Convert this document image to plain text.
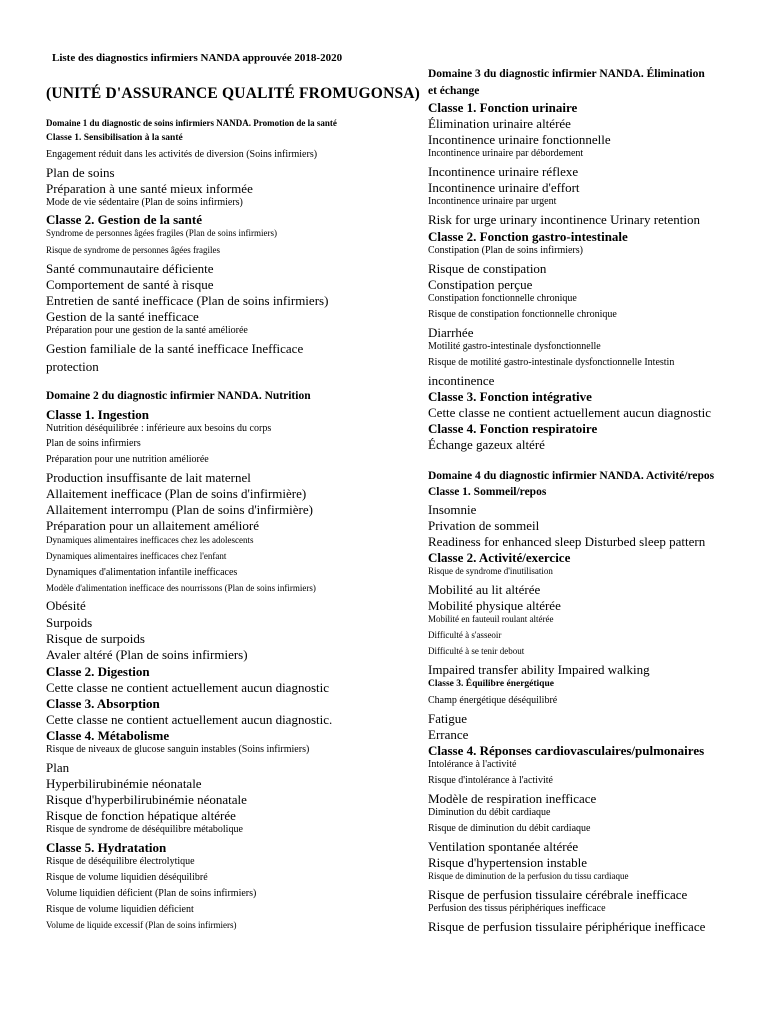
Liste des diagnostics infirmiers NANDA approuvée 2018-2020
(UNITÉ D'ASSURANCE QUALITÉ FROMUGONSA)
Domaine 1 du diagnostic de soins infirmiers NANDA. Promotion de la santé
Classe 1. Sensibilisation à la santé
Engagement réduit dans les activités de diversion (Soins infirmiers)
Plan de soins
Préparation à une santé mieux informée
Mode de vie sédentaire (Plan de soins infirmiers)
Classe 2. Gestion de la santé
Syndrome de personnes âgées fragiles (Plan de soins infirmiers)
Risque de syndrome de personnes âgées fragiles
Santé communautaire déficiente
Comportement de santé à risque
Entretien de santé inefficace (Plan de soins infirmiers)
Gestion de la santé inefficace
Préparation pour une gestion de la santé améliorée
Gestion familiale de la santé inefficace Inefficace
protection
Domaine 2 du diagnostic infirmier NANDA. Nutrition
Classe 1. Ingestion
Nutrition déséquilibrée : inférieure aux besoins du corps
Plan de soins infirmiers
Préparation pour une nutrition améliorée
Production insuffisante de lait maternel
Allaitement inefficace (Plan de soins d'infirmière)
Allaitement interrompu (Plan de soins d'infirmière)
Préparation pour un allaitement amélioré
Dynamiques alimentaires inefficaces chez les adolescents
Dynamiques alimentaires inefficaces chez l'enfant
Dynamiques d'alimentation infantile inefficaces
Modèle d'alimentation inefficace des nourrissons (Plan de soins infirmiers)
Obésité
Surpoids
Risque de surpoids
Avaler altéré (Plan de soins infirmiers)
Classe 2. Digestion
Cette classe ne contient actuellement aucun diagnostic
Classe 3. Absorption
Cette classe ne contient actuellement aucun diagnostic.
Classe 4. Métabolisme
Risque de niveaux de glucose sanguin instables (Soins infirmiers)
Plan
Hyperbilirubinémie néonatale
Risque d'hyperbilirubinémie néonatale
Risque de fonction hépatique altérée
Risque de syndrome de déséquilibre métabolique
Classe 5. Hydratation
Risque de déséquilibre électrolytique
Risque de volume liquidien déséquilibré
Volume liquidien déficient (Plan de soins infirmiers)
Risque de volume liquidien déficient
Volume de liquide excessif (Plan de soins infirmiers)
Domaine 3 du diagnostic infirmier NANDA. Élimination
et échange
Classe 1. Fonction urinaire
Élimination urinaire altérée
Incontinence urinaire fonctionnelle
Incontinence urinaire par débordement
Incontinence urinaire réflexe
Incontinence urinaire d'effort
Incontinence urinaire par urgent
Risk for urge urinary incontinence Urinary retention
Classe 2. Fonction gastro-intestinale
Constipation (Plan de soins infirmiers)
Risque de constipation
Constipation perçue
Constipation fonctionnelle chronique
Risque de constipation fonctionnelle chronique
Diarrhée
Motilité gastro-intestinale dysfonctionnelle
Risque de motilité gastro-intestinale dysfonctionnelle Intestin
incontinence
Classe 3. Fonction intégrative
Cette classe ne contient actuellement aucun diagnostic
Classe 4. Fonction respiratoire
Échange gazeux altéré
Domaine 4 du diagnostic infirmier NANDA. Activité/repos
Classe 1. Sommeil/repos
Insomnie
Privation de sommeil
Readiness for enhanced sleep Disturbed sleep pattern
Classe 2. Activité/exercice
Risque de syndrome d'inutilisation
Mobilité au lit altérée
Mobilité physique altérée
Mobilité en fauteuil roulant altérée
Difficulté à s'asseoir
Difficulté à se tenir debout
Impaired transfer ability Impaired walking
Classe 3. Équilibre énergétique
Champ énergétique déséquilibré
Fatigue
Errance
Classe 4. Réponses cardiovasculaires/pulmonaires
Intolérance à l'activité
Risque d'intolérance à l'activité
Modèle de respiration inefficace
Diminution du débit cardiaque
Risque de diminution du débit cardiaque
Ventilation spontanée altérée
Risque d'hypertension instable
Risque de diminution de la perfusion du tissu cardiaque
Risque de perfusion tissulaire cérébrale inefficace
Perfusion des tissus périphériques inefficace
Risque de perfusion tissulaire périphérique inefficace
